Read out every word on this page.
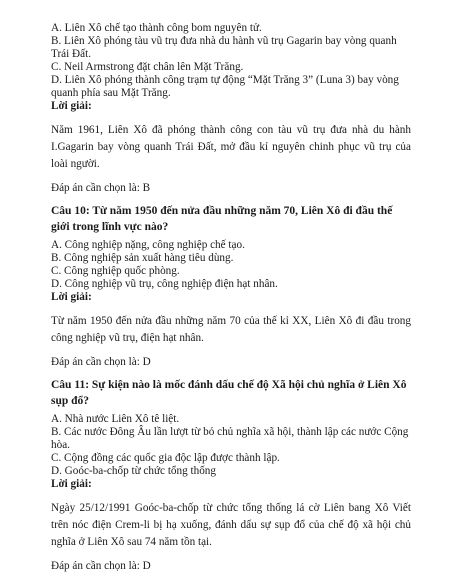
A. Liên Xô chế tạo thành công bom nguyên tử.

B. Liên Xô phóng tàu vũ trụ đưa nhà du hành vũ trụ Gagarin bay vòng quanh Trái Đất.

C. Neil Armstrong đặt chân lên Mặt Trăng.

D. Liên Xô phóng thành công trạm tự động “Mặt Trăng 3” (Luna 3) bay vòng quanh phía sau Mặt Trăng.

Lời giải:

Năm 1961, Liên Xô đã phóng thành công con tàu vũ trụ đưa nhà du hành I.Gagarin bay vòng quanh Trái Đất, mở đầu kỉ nguyên chinh phục vũ trụ của loài người.

Đáp án cần chọn là: B

Câu 10: Từ năm 1950 đến nửa đầu những năm 70, Liên Xô đi đầu thế giới trong lĩnh vực nào?

A. Công nghiệp nặng, công nghiệp chế tạo.

B. Công nghiệp sản xuất hàng tiêu dùng.

C. Công nghiệp quốc phòng.

D. Công nghiệp vũ trụ, công nghiệp điện hạt nhân.

Lời giải:

Từ năm 1950 đến nửa đầu những năm 70 của thế kỉ XX, Liên Xô đi đầu trong công nghiệp vũ trụ, điện hạt nhân.

Đáp án cần chọn là: D

Câu 11: Sự kiện nào là mốc đánh dấu chế độ Xã hội chủ nghĩa ở Liên Xô sụp đổ?

A. Nhà nước Liên Xô tê liệt.

B. Các nước Đông Âu lần lượt từ bỏ chủ nghĩa xã hội, thành lập các nước Cộng hòa.

C. Cộng đồng các quốc gia độc lập được thành lập.

D. Goóc-ba-chốp từ chức tổng thống

Lời giải:

Ngày 25/12/1991 Goóc-ba-chốp từ chức tổng thống lá cờ Liên bang Xô Viết trên nóc điện Crem-li bị hạ xuống, đánh dấu sự sụp đổ của chế độ xã hội chủ nghĩa ở Liên Xô sau 74 năm tồn tại.

Đáp án cần chọn là: D
